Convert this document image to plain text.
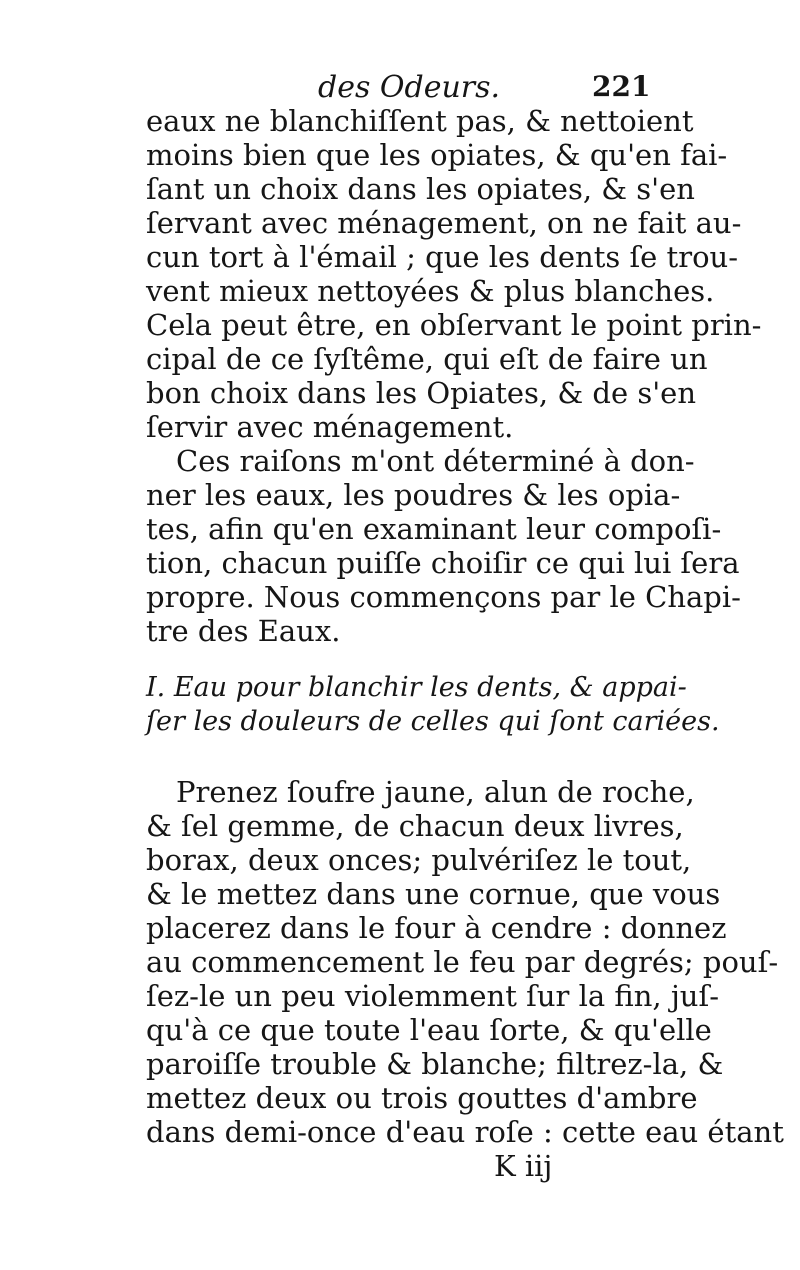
des Odeurs.	221
eaux ne blanchiſſent pas, & nettoient
moins bien que les opiates, & qu'en fai-
ſant un choix dans les opiates, & s'en
ſervant avec ménagement, on ne fait au-
cun tort à l'émail ; que les dents ſe trou-
vent mieux nettoyées & plus blanches.
Cela peut être, en obſervant le point prin-
cipal de ce ſyſtême, qui eſt de faire un
bon choix dans les Opiates, & de s'en
ſervir avec ménagement.
Ces raiſons m'ont déterminé à don-
ner les eaux, les poudres & les opia-
tes, afin qu'en examinant leur compoſi-
tion, chacun puiſſe choiſir ce qui lui ſera
propre. Nous commençons par le Chapi-
tre des Eaux.
I. Eau pour blanchir les dents, & appai-
ſer les douleurs de celles qui ſont cariées.
Prenez ſoufre jaune, alun de roche,
& ſel gemme, de chacun deux livres,
borax, deux onces; pulvériſez le tout,
& le mettez dans une cornue, que vous
placerez dans le four à cendre : donnez
au commencement le feu par degrés; pouſ-
ſez-le un peu violemment ſur la fin, juſ-
qu'à ce que toute l'eau ſorte, & qu'elle
paroiſſe trouble & blanche; filtrez-la, &
mettez deux ou trois gouttes d'ambre
dans demi-once d'eau roſe : cette eau étant
K iij
